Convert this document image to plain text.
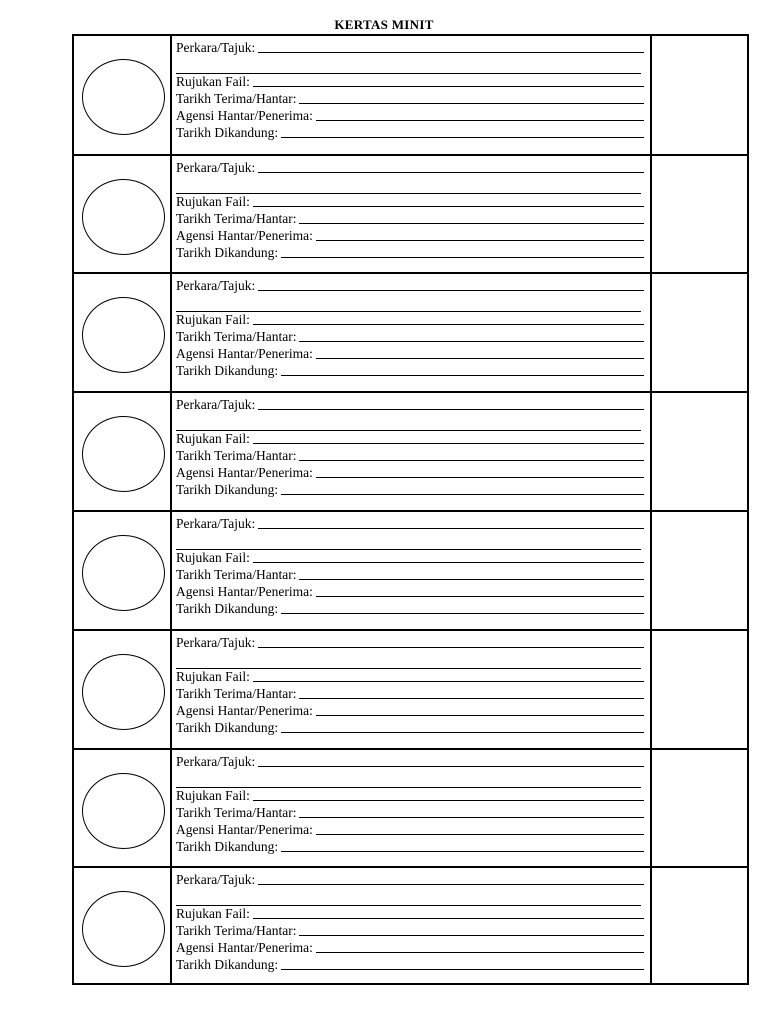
KERTAS MINIT
Perkara/Tajuk:
Rujukan Fail:
Tarikh Terima/Hantar:
Agensi Hantar/Penerima:
Tarikh Dikandung:
Perkara/Tajuk:
Rujukan Fail:
Tarikh Terima/Hantar:
Agensi Hantar/Penerima:
Tarikh Dikandung:
Perkara/Tajuk:
Rujukan Fail:
Tarikh Terima/Hantar:
Agensi Hantar/Penerima:
Tarikh Dikandung:
Perkara/Tajuk:
Rujukan Fail:
Tarikh Terima/Hantar:
Agensi Hantar/Penerima:
Tarikh Dikandung:
Perkara/Tajuk:
Rujukan Fail:
Tarikh Terima/Hantar:
Agensi Hantar/Penerima:
Tarikh Dikandung:
Perkara/Tajuk:
Rujukan Fail:
Tarikh Terima/Hantar:
Agensi Hantar/Penerima:
Tarikh Dikandung:
Perkara/Tajuk:
Rujukan Fail:
Tarikh Terima/Hantar:
Agensi Hantar/Penerima:
Tarikh Dikandung:
Perkara/Tajuk:
Rujukan Fail:
Tarikh Terima/Hantar:
Agensi Hantar/Penerima:
Tarikh Dikandung:
